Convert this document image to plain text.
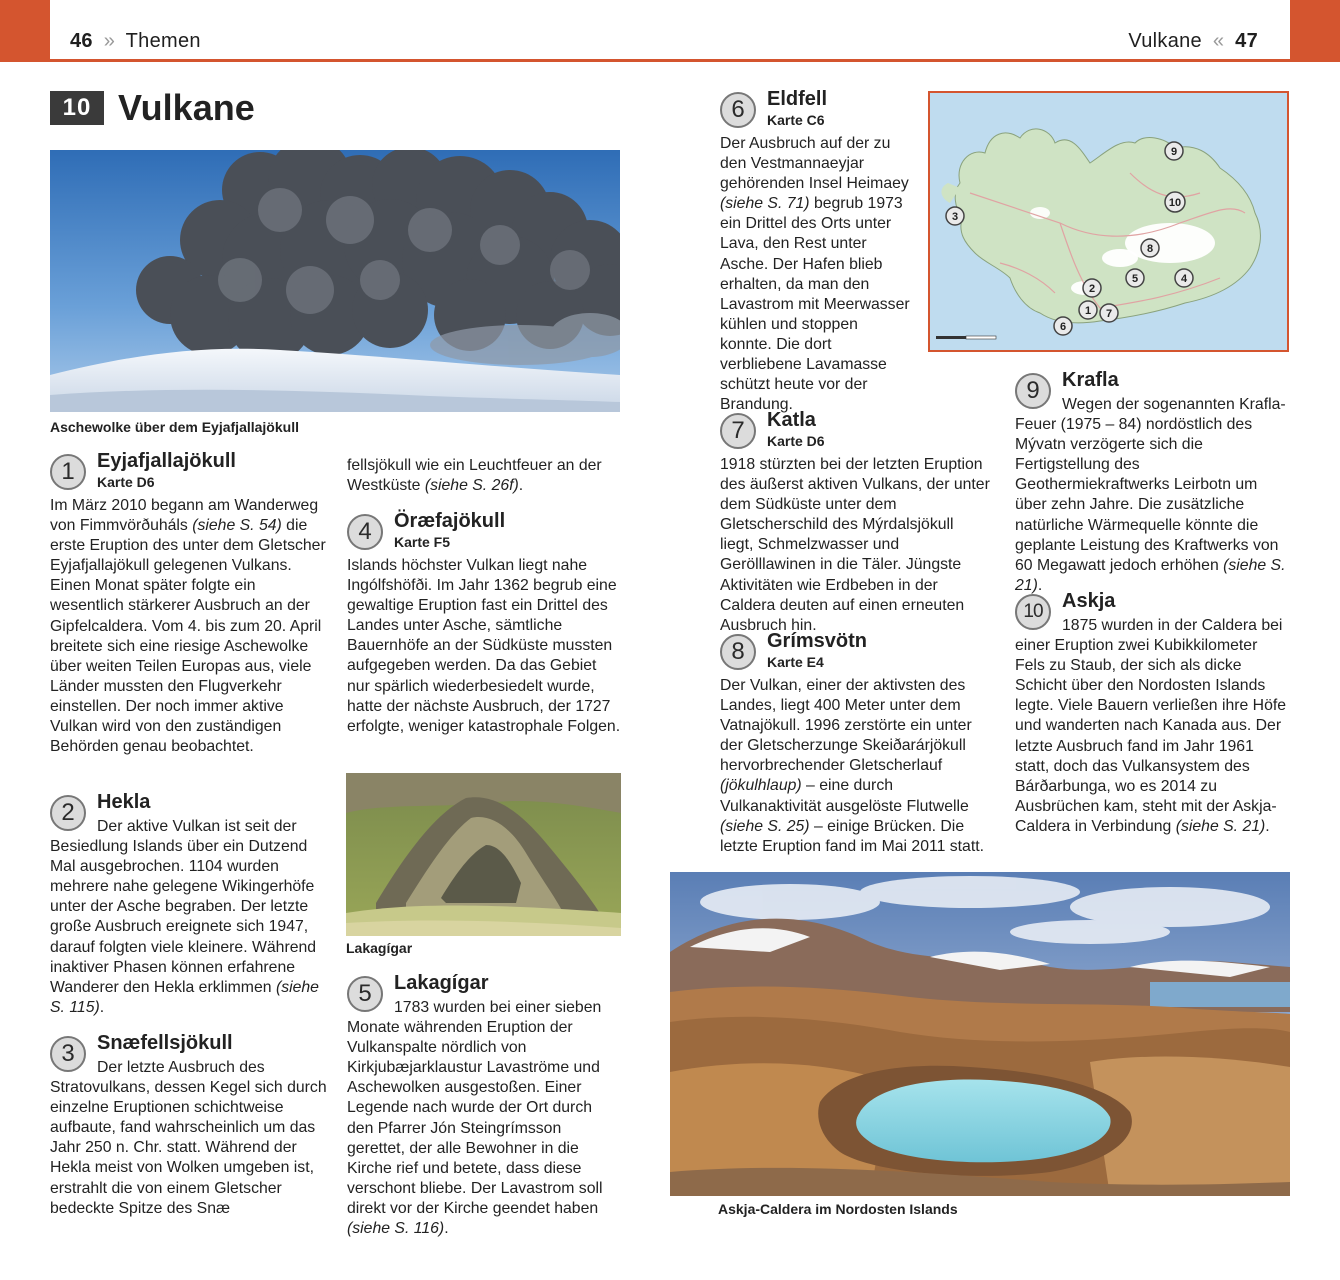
46 » Themen	Vulkane « 47
10 Vulkane
Aschewolke über dem Eyjafjallajökull
1	Eyjafjallajökull
Karte D6
Im März 2010 begann am Wanderweg von Fimmvörðuháls (siehe S. 54) die erste Eruption des unter dem Gletscher Eyjafjallajökull gelegenen Vulkans. Einen Monat später folgte ein wesentlich stärkerer Ausbruch an der Gipfelcaldera. Vom 4. bis zum 20. April breitete sich eine riesige Aschewolke über weiten Teilen Europas aus, viele Länder mussten den Flugverkehr einstellen. Der noch immer aktive Vulkan wird von den zuständigen Behörden genau beobachtet.
2	Hekla
Der aktive Vulkan ist seit der Besiedlung Islands über ein Dutzend Mal ausgebrochen. 1104 wurden mehrere nahe gelegene Wikingerhöfe unter der Asche begraben. Der letzte große Ausbruch ereignete sich 1947, darauf folgten viele kleinere. Während inaktiver Phasen können erfahrene Wanderer den Hekla erklimmen (siehe S. 115).
3	Snæfellsjökull
Der letzte Ausbruch des Stratovulkans, dessen Kegel sich durch einzelne Eruptionen schichtweise aufbaute, fand wahrscheinlich um das Jahr 250 n. Chr. statt. Während der Hekla meist von Wolken umgeben ist, erstrahlt die von einem Gletscher bedeckte Spitze des Snæ
fellsjökull wie ein Leuchtfeuer an der Westküste (siehe S. 26f).
4	Öræfajökull
Karte F5
Islands höchster Vulkan liegt nahe Ingólfshöfði. Im Jahr 1362 begrub eine gewaltige Eruption fast ein Drittel des Landes unter Asche, sämtliche Bauernhöfe an der Südküste mussten aufgegeben werden. Da das Gebiet nur spärlich wiederbesiedelt wurde, hatte der nächste Ausbruch, der 1727 erfolgte, weniger katastrophale Folgen.
Lakagígar
5	Lakagígar
1783 wurden bei einer sieben Monate währenden Eruption der Vulkanspalte nördlich von Kirkjubæjarklaustur Lavaströme und Aschewolken ausgestoßen. Einer Legende nach wurde der Ort durch den Pfarrer Jón Steingrímsson gerettet, der alle Bewohner in die Kirche rief und betete, dass diese verschont bliebe. Der Lavastrom soll direkt vor der Kirche geendet haben (siehe S. 116).
6	Eldfell
Karte C6
Der Ausbruch auf der zu den Vestmannaeyjar gehörenden Insel Heimaey (siehe S. 71) begrub 1973 ein Drittel des Orts unter Lava, den Rest unter Asche. Der Hafen blieb erhalten, da man den Lavastrom mit Meerwasser kühlen und stoppen konnte. Die dort verbliebene Lavamasse schützt heute vor der Brandung.
3
9
10
8
5	4
2
1 7
6
7	Katla
Karte D6
1918 stürzten bei der letzten Eruption des äußerst aktiven Vulkans, der unter dem Südküste unter dem Gletscherschild des Mýrdalsjökull liegt, Schmelzwasser und Gerölllawinen in die Täler. Jüngste Aktivitäten wie Erdbeben in der Caldera deuten auf einen erneuten Ausbruch hin.
8	Grímsvötn
Karte E4
Der Vulkan, einer der aktivsten des Landes, liegt 400 Meter unter dem Vatnajökull. 1996 zerstörte ein unter der Gletscherzunge Skeiðarárjökull hervorbrechender Gletscherlauf (jökulhlaup) – eine durch Vulkanaktivität ausgelöste Flutwelle (siehe S. 25) – einige Brücken. Die letzte Eruption fand im Mai 2011 statt.
9	Krafla
Wegen der sogenannten Krafla-Feuer (1975 – 84) nordöstlich des Mývatn verzögerte sich die Fertigstellung des Geothermiekraftwerks Leirbotn um über zehn Jahre. Die zusätzliche natürliche Wärmequelle könnte die geplante Leistung des Kraftwerks von 60 Megawatt jedoch erhöhen (siehe S. 21).
10 Askja
1875 wurden in der Caldera bei einer Eruption zwei Kubikkilometer Fels zu Staub, der sich als dicke Schicht über den Nordosten Islands legte. Viele Bauern verließen ihre Höfe und wanderten nach Kanada aus. Der letzte Ausbruch fand im Jahr 1961 statt, doch das Vulkansystem des Bárðarbunga, wo es 2014 zu Ausbrüchen kam, steht mit der Askja-Caldera in Verbindung (siehe S. 21).
Askja-Caldera im Nordosten Islands
